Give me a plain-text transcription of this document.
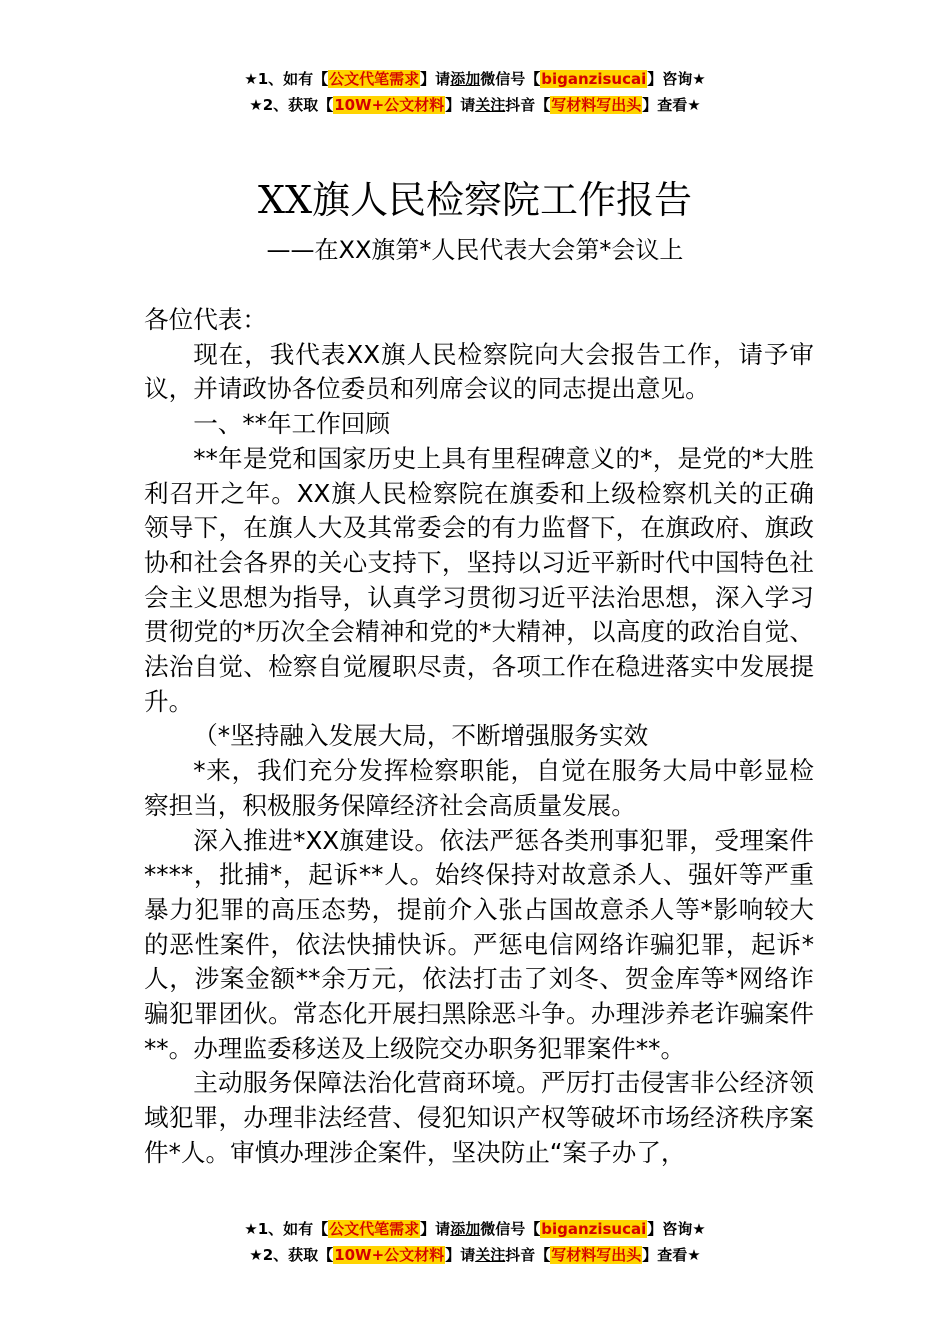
★1、如有【公文代笔需求】请添加微信号【biganzisucai】咨询★
★2、获取【10W+公文材料】请关注抖音【写材料写出头】查看★
XX旗人民检察院工作报告
——在XX旗第*人民代表大会第*会议上

各位代表：

现在，我代表XX旗人民检察院向大会报告工作，请予审议，并请政协各位委员和列席会议的同志提出意见。

一、**年工作回顾

**年是党和国家历史上具有里程碑意义的*，是党的*大胜利召开之年。XX旗人民检察院在旗委和上级检察机关的正确领导下，在旗人大及其常委会的有力监督下，在旗政府、旗政协和社会各界的关心支持下，坚持以习近平新时代中国特色社会主义思想为指导，认真学习贯彻习近平法治思想，深入学习贯彻党的*历次全会精神和党的*大精神，以高度的政治自觉、法治自觉、检察自觉履职尽责，各项工作在稳进落实中发展提升。

（*坚持融入发展大局，不断增强服务实效

*来，我们充分发挥检察职能，自觉在服务大局中彰显检察担当，积极服务保障经济社会高质量发展。

深入推进*XX旗建设。依法严惩各类刑事犯罪，受理案件****，批捕*，起诉**人。始终保持对故意杀人、强奸等严重暴力犯罪的高压态势，提前介入张占国故意杀人等*影响较大的恶性案件，依法快捕快诉。严惩电信网络诈骗犯罪，起诉*人，涉案金额**余万元，依法打击了刘冬、贺金库等*网络诈骗犯罪团伙。常态化开展扫黑除恶斗争。办理涉养老诈骗案件**。办理监委移送及上级院交办职务犯罪案件**。

主动服务保障法治化营商环境。严厉打击侵害非公经济领域犯罪，办理非法经营、侵犯知识产权等破坏市场经济秩序案件*人。审慎办理涉企案件，坚决防止“案子办了，

★1、如有【公文代笔需求】请添加微信号【biganzisucai】咨询★
★2、获取【10W+公文材料】请关注抖音【写材料写出头】查看★
